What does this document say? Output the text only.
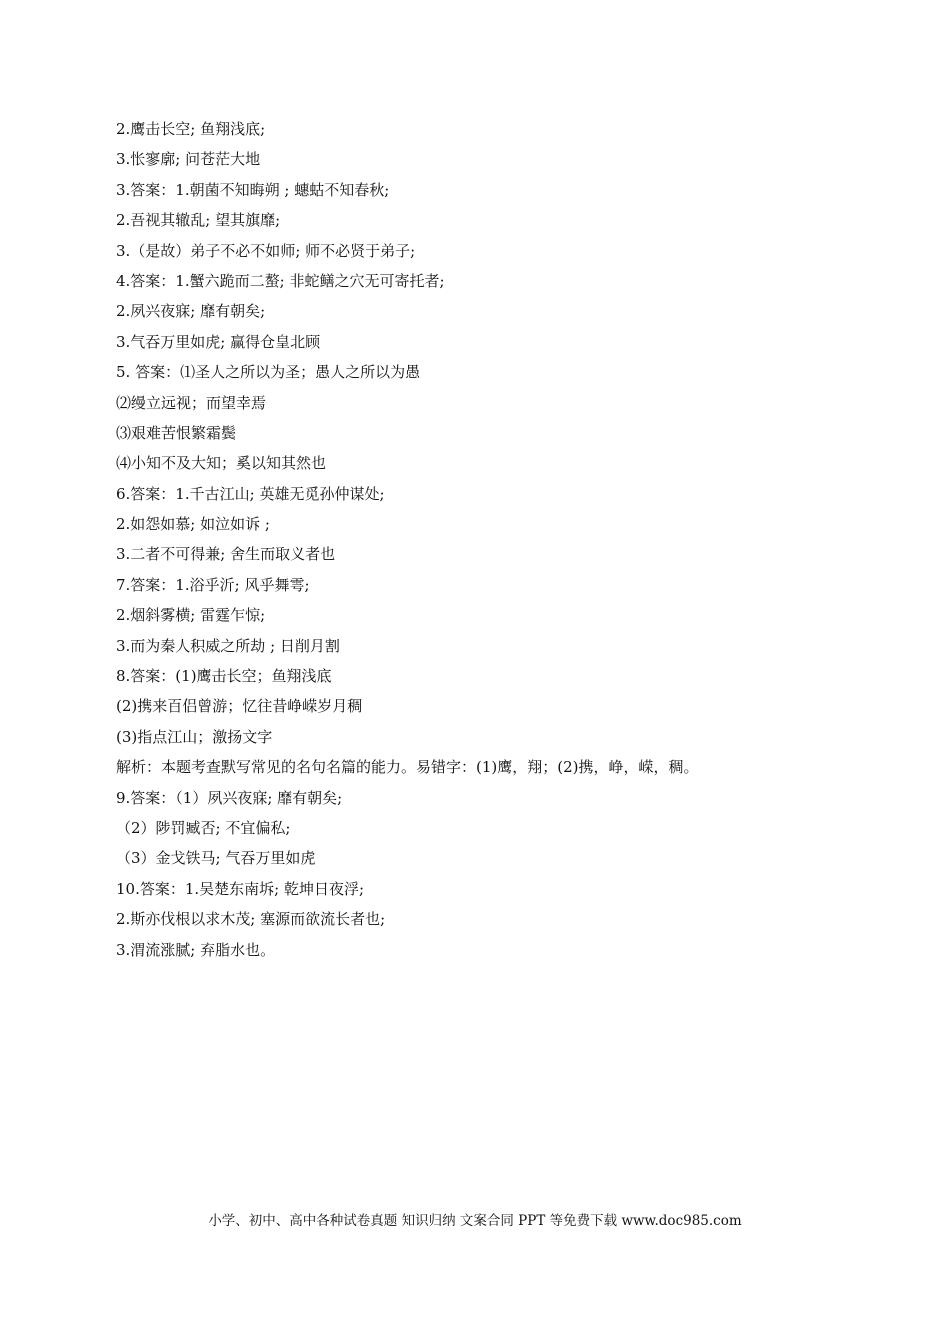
2.鹰击长空; 鱼翔浅底;
3.怅寥廓; 问苍茫大地
3.答案：1.朝菌不知晦朔 ; 蟪蛄不知春秋;
2.吾视其辙乱; 望其旗靡;
3.（是故）弟子不必不如师; 师不必贤于弟子;
4.答案：1.蟹六跪而二螯; 非蛇鳝之穴无可寄托者;
2.夙兴夜寐; 靡有朝矣;
3.气吞万里如虎; 赢得仓皇北顾
5. 答案：⑴圣人之所以为圣；愚人之所以为愚
⑵缦立远视；而望幸焉
⑶艰难苦恨繁霜鬓
⑷小知不及大知；奚以知其然也
6.答案：1.千古江山; 英雄无觅孙仲谋处;
2.如怨如慕; 如泣如诉 ;
3.二者不可得兼; 舍生而取义者也
7.答案：1.浴乎沂; 风乎舞雩;
2.烟斜雾横; 雷霆乍惊;
3.而为秦人积威之所劫 ; 日削月割
8.答案：(1)鹰击长空；鱼翔浅底
(2)携来百侣曾游；忆往昔峥嵘岁月稠
(3)指点江山；激扬文字
解析：本题考查默写常见的名句名篇的能力。易错字：(1)鹰，翔；(2)携，峥，嵘，稠。
9.答案：（1）夙兴夜寐; 靡有朝矣;
（2）陟罚臧否; 不宜偏私;
（3）金戈铁马; 气吞万里如虎
10.答案：1.吴楚东南坼; 乾坤日夜浮;
2.斯亦伐根以求木茂; 塞源而欲流长者也;
3.渭流涨腻; 弃脂水也。
小学、初中、高中各种试卷真题 知识归纳 文案合同 PPT 等免费下载 www.doc985.com
